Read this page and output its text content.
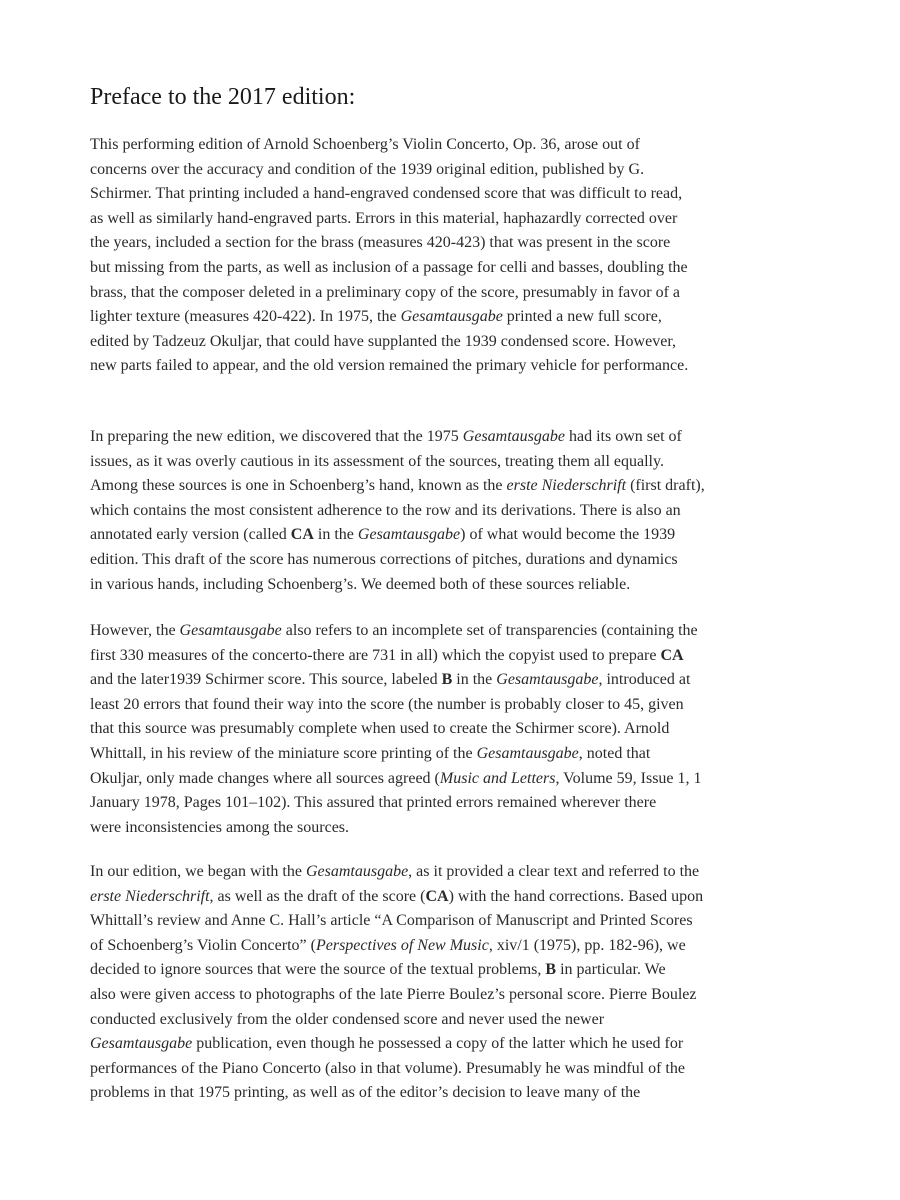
Preface to the 2017 edition:
This performing edition of Arnold Schoenberg’s Violin Concerto, Op. 36, arose out of
concerns over the accuracy and condition of the 1939 original edition, published by G.
Schirmer. That printing included a hand-engraved condensed score that was difficult to read,
as well as similarly hand-engraved parts. Errors in this material, haphazardly corrected over
the years, included a section for the brass (measures 420-423) that was present in the score
but missing from the parts, as well as inclusion of a passage for celli and basses, doubling the
brass, that the composer deleted in a preliminary copy of the score, presumably in favor of a
lighter texture (measures 420-422). In 1975, the Gesamtausgabe printed a new full score,
edited by Tadzeuz Okuljar, that could have supplanted the 1939 condensed score. However,
new parts failed to appear, and the old version remained the primary vehicle for performance.
In preparing the new edition, we discovered that the 1975 Gesamtausgabe had its own set of
issues, as it was overly cautious in its assessment of the sources, treating them all equally.
Among these sources is one in Schoenberg’s hand, known as the erste Niederschrift (first draft),
which contains the most consistent adherence to the row and its derivations. There is also an
annotated early version (called CA in the Gesamtausgabe) of what would become the 1939
edition. This draft of the score has numerous corrections of pitches, durations and dynamics
in various hands, including Schoenberg’s. We deemed both of these sources reliable.
However, the Gesamtausgabe also refers to an incomplete set of transparencies (containing the
first 330 measures of the concerto-there are 731 in all) which the copyist used to prepare CA
and the later1939 Schirmer score. This source, labeled B in the Gesamtausgabe, introduced at
least 20 errors that found their way into the score (the number is probably closer to 45, given
that this source was presumably complete when used to create the Schirmer score). Arnold
Whittall, in his review of the miniature score printing of the Gesamtausgabe, noted that
Okuljar, only made changes where all sources agreed (Music and Letters, Volume 59, Issue 1, 1
January 1978, Pages 101–102). This assured that printed errors remained wherever there
were inconsistencies among the sources.
In our edition, we began with the Gesamtausgabe, as it provided a clear text and referred to the
erste Niederschrift, as well as the draft of the score (CA) with the hand corrections. Based upon
Whittall’s review and Anne C. Hall’s article “A Comparison of Manuscript and Printed Scores
of Schoenberg’s Violin Concerto” (Perspectives of New Music, xiv/1 (1975), pp. 182-96), we
decided to ignore sources that were the source of the textual problems, B in particular. We
also were given access to photographs of the late Pierre Boulez’s personal score. Pierre Boulez
conducted exclusively from the older condensed score and never used the newer
Gesamtausgabe publication, even though he possessed a copy of the latter which he used for
performances of the Piano Concerto (also in that volume). Presumably he was mindful of the
problems in that 1975 printing, as well as of the editor’s decision to leave many of the
